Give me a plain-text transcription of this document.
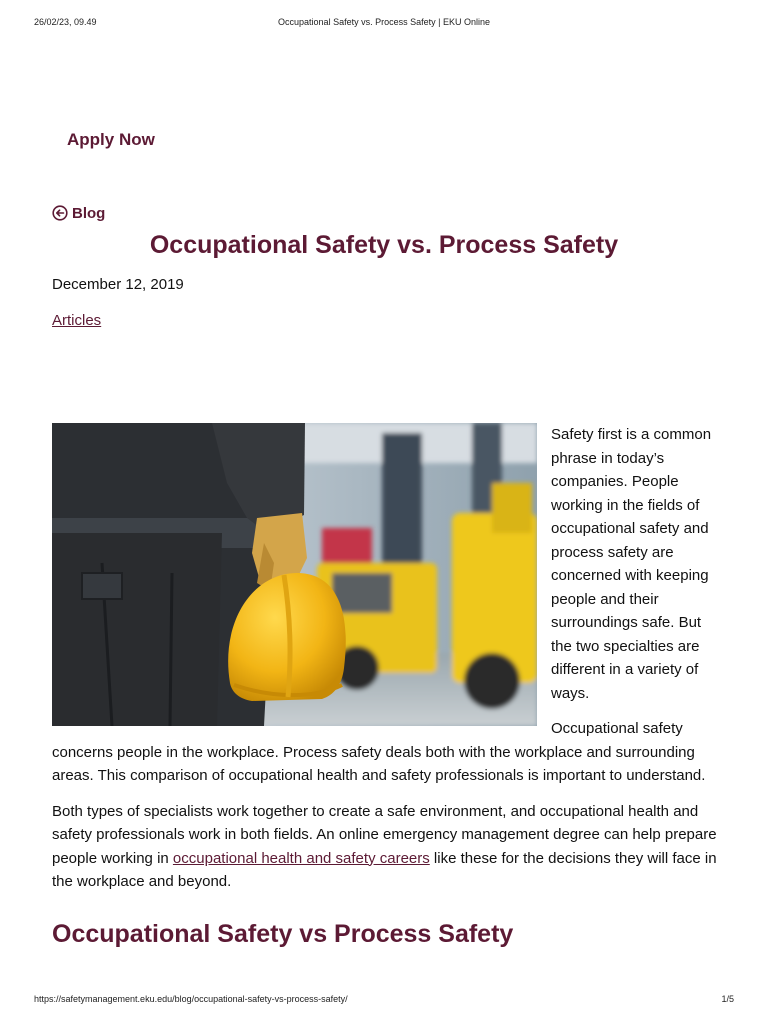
26/02/23, 09.49	Occupational Safety vs. Process Safety | EKU Online
Apply Now
Blog
Occupational Safety vs. Process Safety
December 12, 2019
Articles

Safety first is a common phrase in today’s companies. People working in the fields of occupational safety and process safety are concerned with keeping people and their surroundings safe. But the two specialties are different in a variety of ways.

Occupational safety concerns people in the workplace. Process safety deals both with the workplace and surrounding areas. This comparison of occupational health and safety professionals is important to understand.

Both types of specialists work together to create a safe environment, and occupational health and safety professionals work in both fields. An online emergency management degree can help prepare people working in occupational health and safety careers like these for the decisions they will face in the workplace and beyond.

Occupational Safety vs Process Safety
https://safetymanagement.eku.edu/blog/occupational-safety-vs-process-safety/	1/5
